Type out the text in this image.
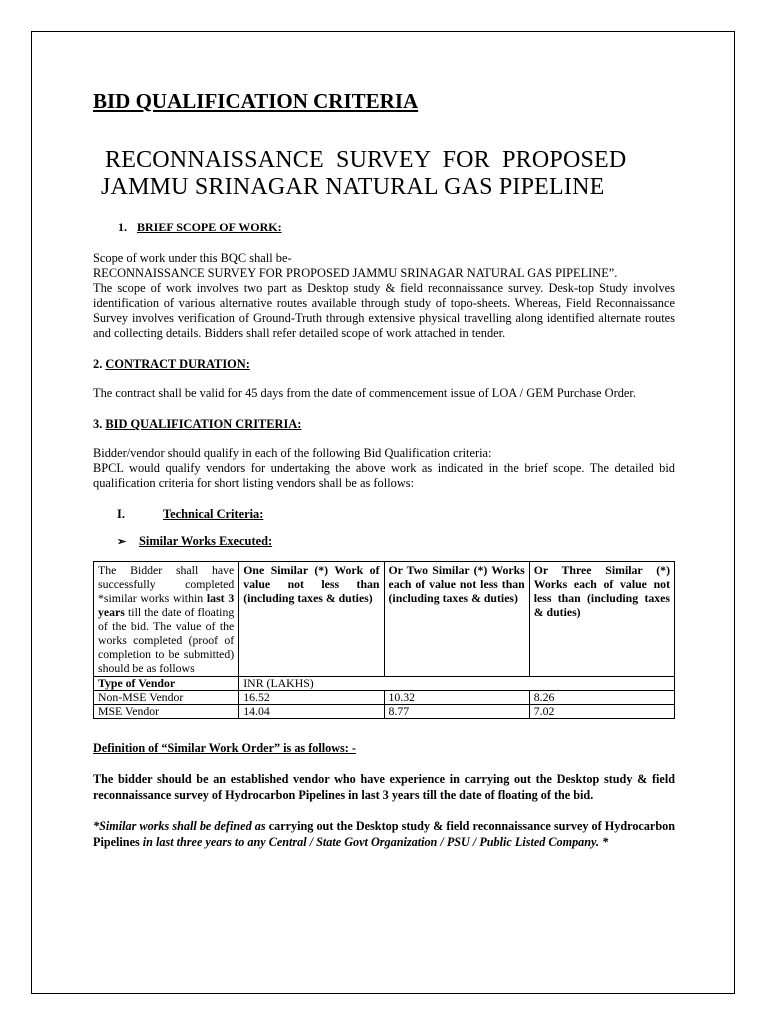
BID QUALIFICATION CRITERIA
RECONNAISSANCE SURVEY FOR PROPOSED
JAMMU SRINAGAR NATURAL GAS PIPELINE
1. BRIEF SCOPE OF WORK:

Scope of work under this BQC shall be-

RECONNAISSANCE SURVEY FOR PROPOSED JAMMU SRINAGAR NATURAL GAS PIPELINE”.

The scope of work involves two part as Desktop study & field reconnaissance survey. Desk-top Study involves identification of various alternative routes available through study of topo-sheets. Whereas, Field Reconnaissance Survey involves verification of Ground-Truth through extensive physical travelling along identified alternate routes and collecting details. Bidders shall refer detailed scope of work attached in tender.

2. CONTRACT DURATION:

The contract shall be valid for 45 days from the date of commencement issue of LOA / GEM Purchase Order.

3. BID QUALIFICATION CRITERIA:

Bidder/vendor should qualify in each of the following Bid Qualification criteria:

BPCL would qualify vendors for undertaking the above work as indicated in the brief scope. The detailed bid qualification criteria for short listing vendors shall be as follows:

I.	Technical Criteria:
➢ Similar Works Executed:
The Bidder shall have successfully completed *similar works within last 3 years till the date of floating of the bid. The value of the works completed (proof of completion to be submitted) should be as follows	One Similar (*) Work of value not less than (including taxes & duties)	Or Two Similar (*) Works each of value not less than (including taxes & duties)	Or Three Similar (*) Works each of value not less than (including taxes & duties)
Type of Vendor	INR (LAKHS)		
Non-MSE Vendor	16.52	10.32	8.26
MSE Vendor	14.04	8.77	7.02
Definition of “Similar Work Order” is as follows: -

The bidder should be an established vendor who have experience in carrying out the Desktop study & field reconnaissance survey of Hydrocarbon Pipelines in last 3 years till the date of floating of the bid.

*Similar works shall be defined as carrying out the Desktop study & field reconnaissance survey of Hydrocarbon Pipelines in last three years to any Central / State Govt Organization / PSU / Public Listed Company. *
